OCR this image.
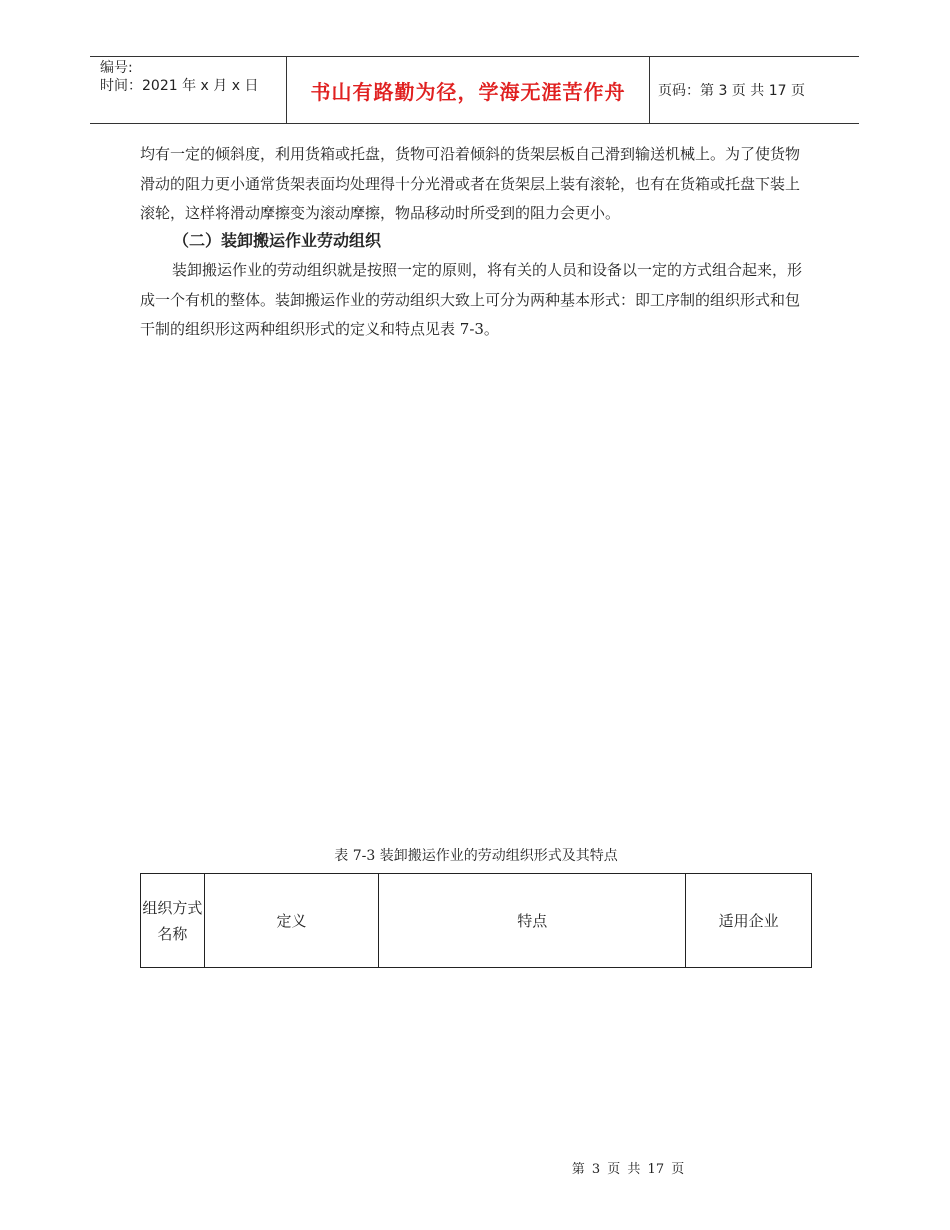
编号:
时间：2021 年 x 月 x 日	书山有路勤为径，学海无涯苦作舟	页码：第 3 页 共 17 页
均有一定的倾斜度，利用货箱或托盘，货物可沿着倾斜的货架层板自己滑到输送机械上。为了使货物滑动的阻力更小通常货架表面均处理得十分光滑或者在货架层上装有滚轮，也有在货箱或托盘下装上滚轮，这样将滑动摩擦变为滚动摩擦，物品移动时所受到的阻力会更小。
（二）装卸搬运作业劳动组织
装卸搬运作业的劳动组织就是按照一定的原则，将有关的人员和设备以一定的方式组合起来，形成一个有机的整体。装卸搬运作业的劳动组织大致上可分为两种基本形式：即工序制的组织形式和包干制的组织形这两种组织形式的定义和特点见表 7-3。
表 7-3 装卸搬运作业的劳动组织形式及其特点
组织方式名称	定义	特点	适用企业
第 3 页 共 17 页
